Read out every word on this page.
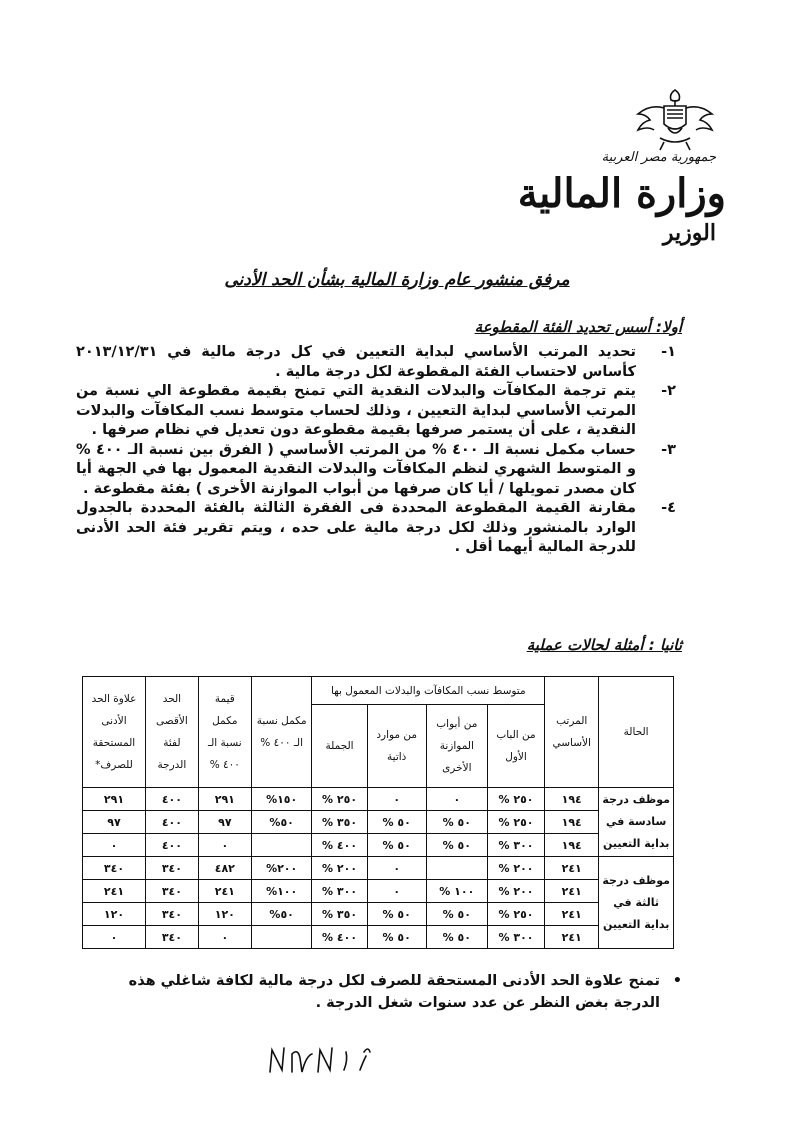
جمهورية مصر العربية
وزارة المالية
الوزير
مرفق منشور عام وزارة المالية بشأن الحد الأدنى
أولا: أسس تحديد الفئة المقطوعة
١-
تحديد المرتب الأساسي لبداية التعيين في كل درجة مالية في ٢٠١٣/١٢/٣١ كأساس لاحتساب الفئة المقطوعة لكل درجة مالية .
٢-
يتم ترجمة المكافآت والبدلات النقدية التي تمنح بقيمة مقطوعة الي نسبة من المرتب الأساسي لبداية التعيين ، وذلك لحساب متوسط نسب المكافآت والبدلات النقدية ، على أن يستمر صرفها بقيمة مقطوعة دون تعديل في نظام صرفها .
٣-
حساب مكمل نسبة الـ ٤٠٠ % من المرتب الأساسي ( الفرق بين نسبة الـ ٤٠٠ % و المتوسط الشهري لنظم المكافآت والبدلات النقدية المعمول بها في الجهة أيا كان مصدر تمويلها / أيا كان صرفها من أبواب الموازنة الأخرى ) بفئة مقطوعة .
٤-
مقارنة القيمة المقطوعة المحددة فى الفقرة الثالثة بالفئة المحددة بالجدول الوارد بالمنشور وذلك لكل درجة مالية على حده ، ويتم تقرير فئة الحد الأدنى للدرجة المالية أيهما أقل .
ثانيا : أمثلة لحالات عملية
الحالة	المرتب الأساسي	متوسط نسب المكافآت والبدلات المعمول بها				مكمل نسبة الـ ٤٠٠ %	قيمة مكمل نسبة الـ ٤٠٠ %	الحد الأقصى لفئة الدرجة	علاوة الحد الأدنى المستحقة للصرف*
		من الباب الأول	من أبواب الموازنة الأخرى	من موارد ذاتية	الجملة				
موظف درجة سادسة في بداية التعيين	١٩٤	٢٥٠ %	٠	٠	٢٥٠ %	١٥٠%	٢٩١	٤٠٠	٢٩١
	١٩٤	٢٥٠ %	٥٠ %	٥٠ %	٣٥٠ %	٥٠%	٩٧	٤٠٠	٩٧
	١٩٤	٣٠٠ %	٥٠ %	٥٠ %	٤٠٠ %		٠	٤٠٠	٠
موظف درجة ثالثة في بداية التعيين	٢٤١	٢٠٠ %		٠	٢٠٠ %	٢٠٠%	٤٨٢	٣٤٠	٣٤٠
	٢٤١	٢٠٠ %	١٠٠ %	٠	٣٠٠ %	١٠٠%	٢٤١	٣٤٠	٢٤١
	٢٤١	٢٥٠ %	٥٠ %	٥٠ %	٣٥٠ %	٥٠%	١٢٠	٣٤٠	١٢٠
	٢٤١	٣٠٠ %	٥٠ %	٥٠ %	٤٠٠ %		٠	٣٤٠	٠
•
تمنح علاوة الحد الأدنى المستحقة للصرف لكل درجة مالية لكافة شاغلي هذه الدرجة بغض النظر عن عدد سنوات شغل الدرجة .
